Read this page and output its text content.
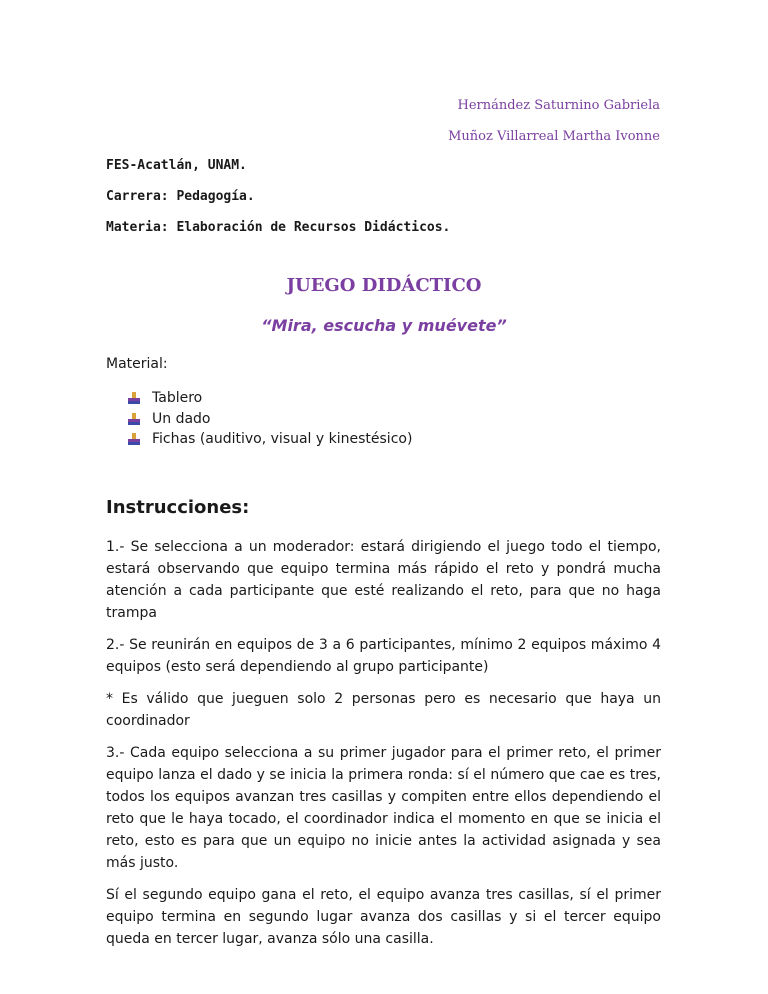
Hernández Saturnino Gabriela
Muñoz Villarreal Martha Ivonne
FES-Acatlán, UNAM.
Carrera: Pedagogía.
Materia: Elaboración de Recursos Didácticos.
JUEGO DIDÁCTICO
“Mira, escucha y muévete”
Material:
Tablero
Un dado
Fichas (auditivo, visual y kinestésico)
Instrucciones:

1.- Se selecciona a un moderador: estará dirigiendo el juego todo el tiempo, estará observando que equipo termina más rápido el reto y pondrá mucha atención a cada participante que esté realizando el reto, para que no haga trampa

2.- Se reunirán en equipos de 3 a 6 participantes, mínimo 2 equipos máximo 4 equipos (esto será dependiendo al grupo participante)

* Es válido que jueguen solo 2 personas pero es necesario que haya un coordinador

3.- Cada equipo selecciona a su primer jugador para el primer reto, el primer equipo lanza el dado y se inicia la primera ronda: sí el número que cae es tres, todos los equipos avanzan tres casillas y compiten entre ellos dependiendo el reto que le haya tocado, el coordinador indica el momento en que se inicia el reto, esto es para que un equipo no inicie antes la actividad asignada y sea más justo.

Sí el segundo equipo gana el reto, el equipo avanza tres casillas, sí el primer equipo termina en segundo lugar avanza dos casillas y si el tercer equipo queda en tercer lugar, avanza sólo una casilla.
